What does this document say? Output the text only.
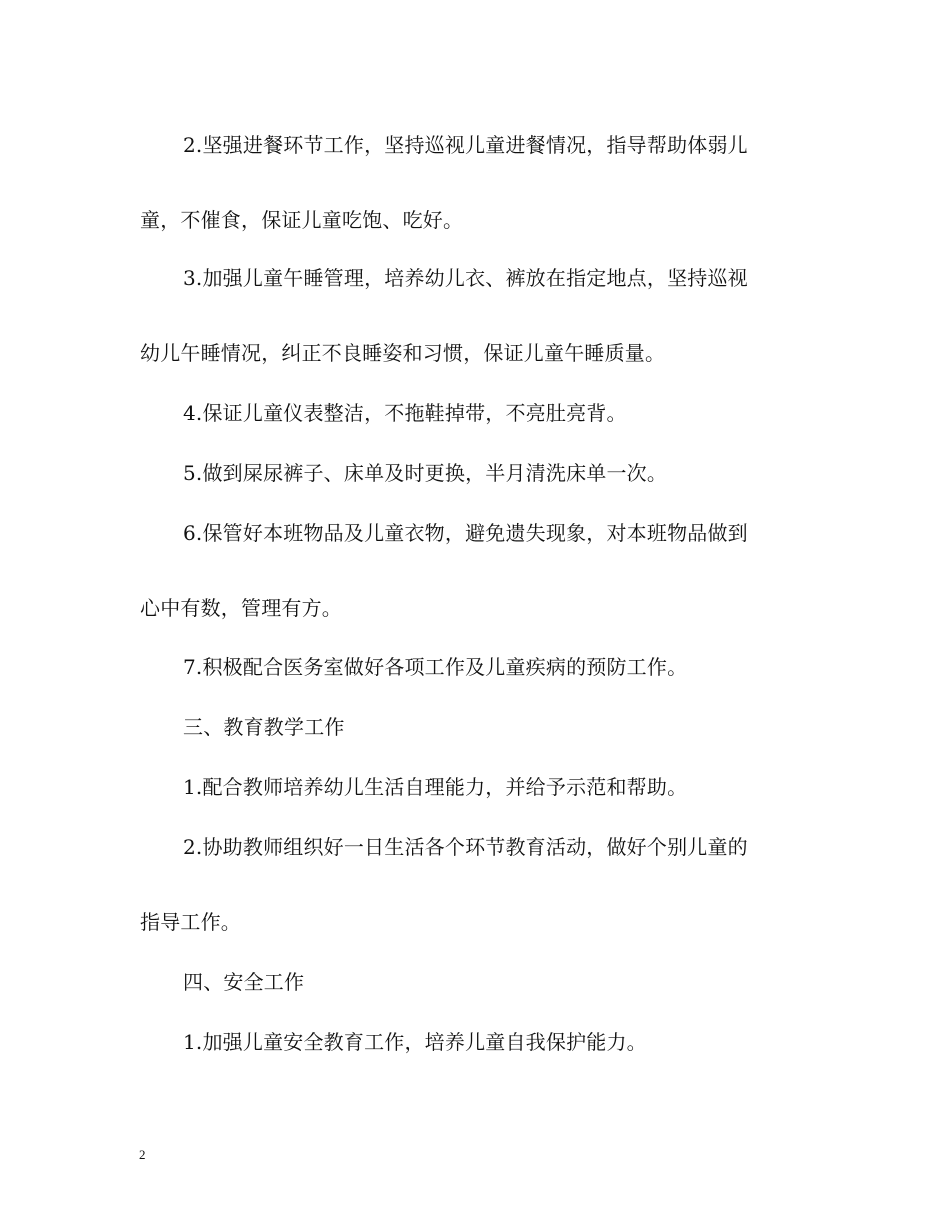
2.坚强进餐环节工作，坚持巡视儿童进餐情况，指导帮助体弱儿
童，不催食，保证儿童吃饱、吃好。
3.加强儿童午睡管理，培养幼儿衣、裤放在指定地点，坚持巡视
幼儿午睡情况，纠正不良睡姿和习惯，保证儿童午睡质量。
4.保证儿童仪表整洁，不拖鞋掉带，不亮肚亮背。
5.做到屎尿裤子、床单及时更换，半月清洗床单一次。
6.保管好本班物品及儿童衣物，避免遗失现象，对本班物品做到
心中有数，管理有方。
7.积极配合医务室做好各项工作及儿童疾病的预防工作。
三、教育教学工作
1.配合教师培养幼儿生活自理能力，并给予示范和帮助。
2.协助教师组织好一日生活各个环节教育活动，做好个别儿童的
指导工作。
四、安全工作
1.加强儿童安全教育工作，培养儿童自我保护能力。
2
